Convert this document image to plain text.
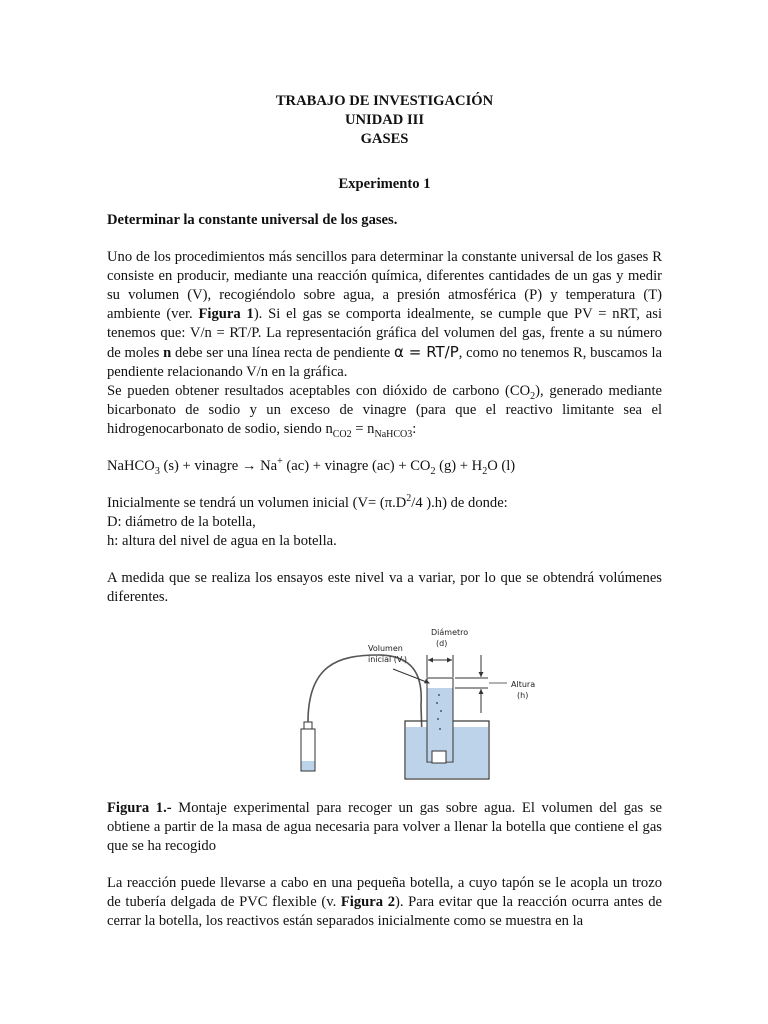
TRABAJO DE INVESTIGACIÓN
UNIDAD III
GASES
Experimento 1
Determinar la constante universal de los gases.

Uno de los procedimientos más sencillos para determinar la constante universal de los gases R consiste en producir, mediante una reacción química, diferentes cantidades de un gas y medir su volumen (V), recogiéndolo sobre agua, a presión atmosférica (P) y temperatura (T) ambiente (ver. Figura 1). Si el gas se comporta idealmente, se cumple que PV = nRT, asi tenemos que: V/n = RT/P. La representación gráfica del volumen del gas, frente a su número de moles n debe ser una línea recta de pendiente α = RT/P, como no tenemos R, buscamos la pendiente relacionando V/n en la gráfica.

Se pueden obtener resultados aceptables con dióxido de carbono $(CO_2)$, generado mediante bicarbonato de sodio y un exceso de vinagre (para que el reactivo limitante sea el hidrogenocarbonato de sodio, siendo $n_{CO2} = n_{NaHCO3}$:

NaHCO$_3$ (s) + vinagre → Na+ (ac) + vinagre $(ac) + CO_2$ $(g) + H_2O$ (l)

Inicialmente se tendrá un volumen inicial ($V= (\pi.D^2/4$ ).h) de donde:
D: diámetro de la botella,
h: altura del nivel de agua en la botella.

A medida que se realiza los ensayos este nivel va a variar, por lo que se obtendrá volúmenes diferentes.

Diámetro
(d)
Volumen
inicial (Vᵢ)
Altura
(h)

Figura 1.- Montaje experimental para recoger un gas sobre agua. El volumen del gas se obtiene a partir de la masa de agua necesaria para volver a llenar la botella que contiene el gas que se ha recogido

La reacción puede llevarse a cabo en una pequeña botella, a cuyo tapón se le acopla un trozo de tubería delgada de PVC flexible (v. Figura 2). Para evitar que la reacción ocurra antes de cerrar la botella, los reactivos están separados inicialmente como se muestra en la
